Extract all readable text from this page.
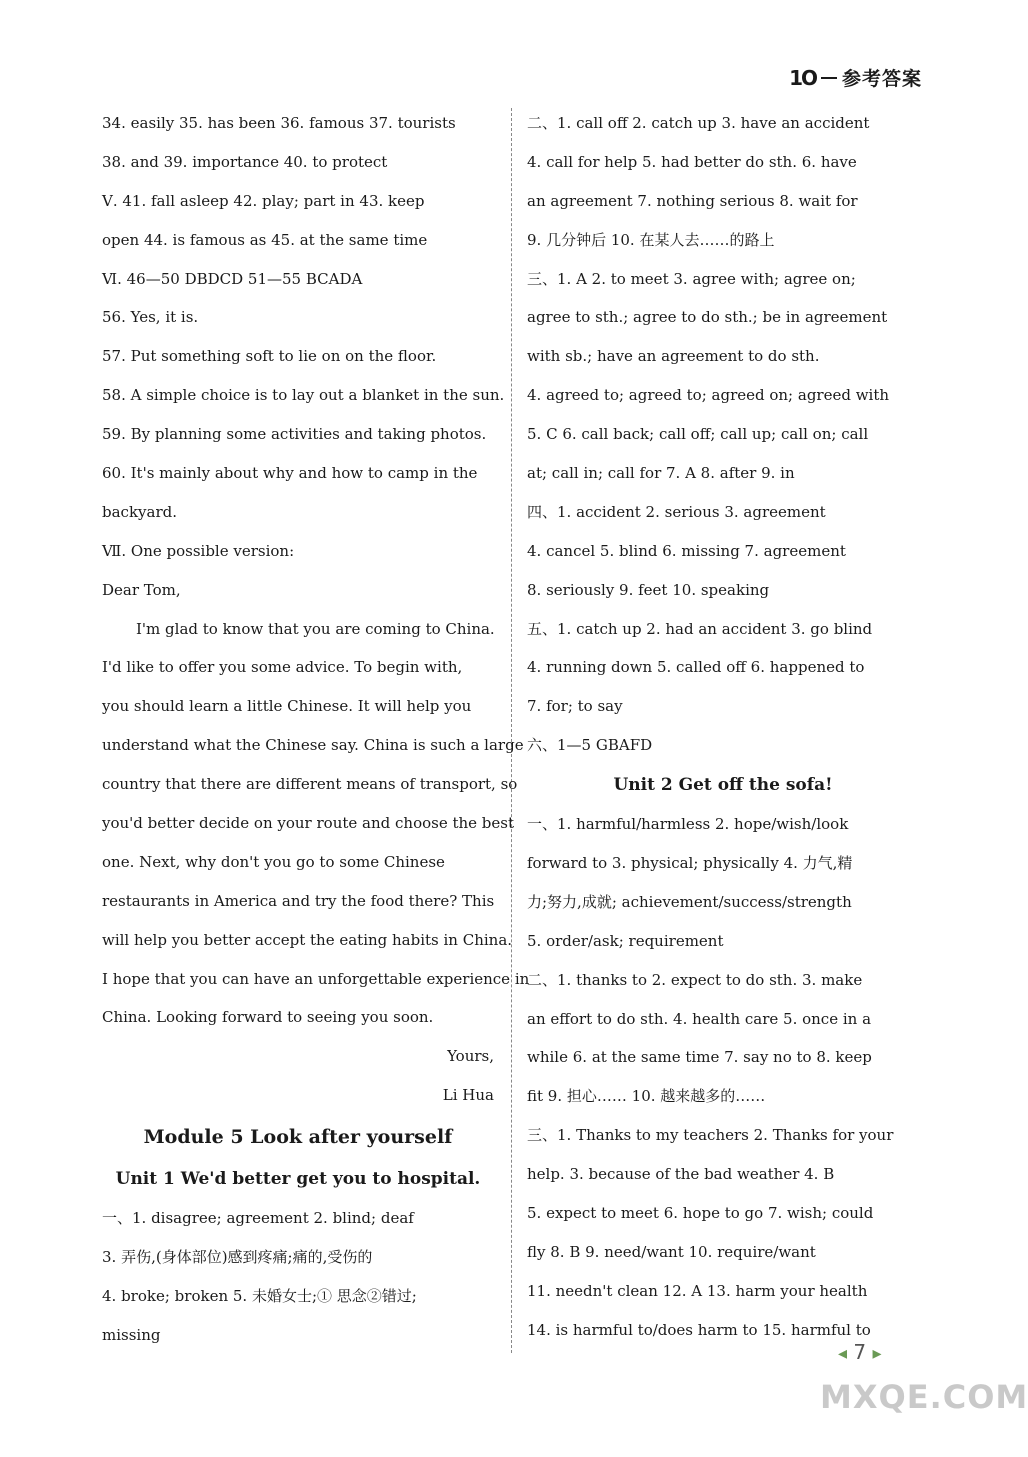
1O 参考答案
34. easily 35. has been 36. famous 37. tourists
38. and 39. importance 40. to protect
Ⅴ. 41. fall asleep 42. play; part in 43. keep
open 44. is famous as 45. at the same time
Ⅵ. 46—50 DBDCD 51—55 BCADA
56. Yes, it is.
57. Put something soft to lie on on the floor.
58. A simple choice is to lay out a blanket in the sun.
59. By planning some activities and taking photos.
60. It's mainly about why and how to camp in the
backyard.
Ⅶ. One possible version:
Dear Tom,
I'm glad to know that you are coming to China.
I'd like to offer you some advice. To begin with,
you should learn a little Chinese. It will help you
understand what the Chinese say. China is such a large
country that there are different means of transport, so
you'd better decide on your route and choose the best
one. Next, why don't you go to some Chinese
restaurants in America and try the food there? This
will help you better accept the eating habits in China.
I hope that you can have an unforgettable experience in
China. Looking forward to seeing you soon.
Yours,
Li Hua
Module 5 Look after yourself
Unit 1 We'd better get you to hospital.
一、1. disagree; agreement 2. blind; deaf
3. 弄伤,(身体部位)感到疼痛;痛的,受伤的
4. broke; broken 5. 未婚女士;① 思念②错过;
missing
二、1. call off 2. catch up 3. have an accident
4. call for help 5. had better do sth. 6. have
an agreement 7. nothing serious 8. wait for
9. 几分钟后 10. 在某人去……的路上
三、1. A 2. to meet 3. agree with; agree on;
agree to sth.; agree to do sth.; be in agreement
with sb.; have an agreement to do sth.
4. agreed to; agreed to; agreed on; agreed with
5. C 6. call back; call off; call up; call on; call
at; call in; call for 7. A 8. after 9. in
四、1. accident 2. serious 3. agreement
4. cancel 5. blind 6. missing 7. agreement
8. seriously 9. feet 10. speaking
五、1. catch up 2. had an accident 3. go blind
4. running down 5. called off 6. happened to
7. for; to say
六、1—5 GBAFD
Unit 2 Get off the sofa!
一、1. harmful/harmless 2. hope/wish/look
forward to 3. physical; physically 4. 力气,精
力;努力,成就; achievement/success/strength
5. order/ask; requirement
二、1. thanks to 2. expect to do sth. 3. make
an effort to do sth. 4. health care 5. once in a
while 6. at the same time 7. say no to 8. keep
fit 9. 担心…… 10. 越来越多的……
三、1. Thanks to my teachers 2. Thanks for your
help. 3. because of the bad weather 4. B
5. expect to meet 6. hope to go 7. wish; could
fly 8. B 9. need/want 10. require/want
11. needn't clean 12. A 13. harm your health
14. is harmful to/does harm to 15. harmful to
◂ 7 ▸
MXQE.COM
